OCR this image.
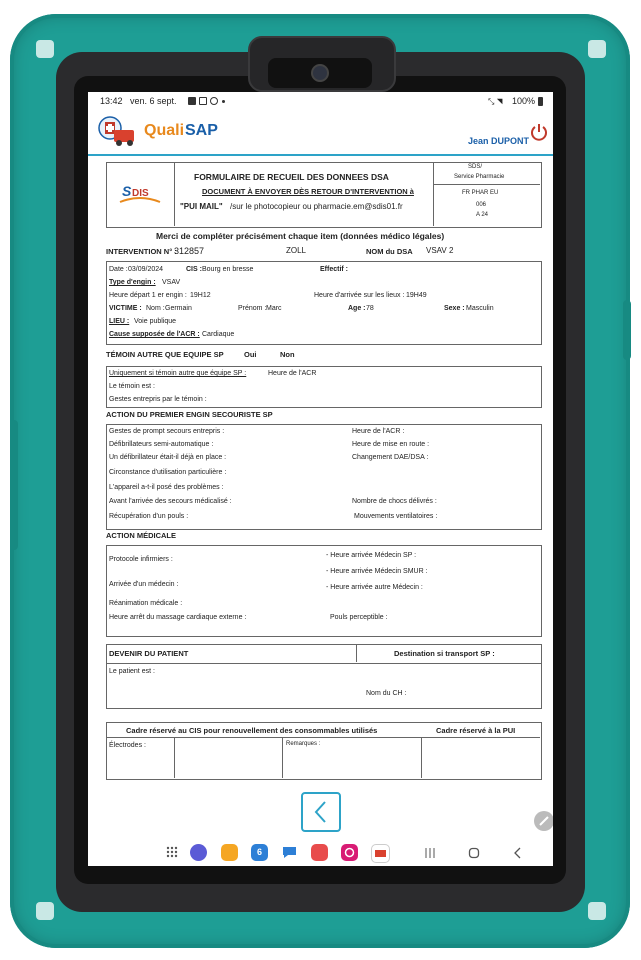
13:42 ven. 6 sept.	⤡ ◥ 100%
Quali SAP
Jean DUPONT
S DIS
FORMULAIRE DE RECUEIL DES DONNEES DSA
DOCUMENT À ENVOYER DÈS RETOUR D'INTERVENTION à
"PUI MAIL" /sur le photocopieur ou pharmacie.em@sdis01.fr
SDS/
Service Pharmacie
FR PHAR EU
006
A 24
Merci de compléter précisément chaque item (données médico légales)
INTERVENTION N° :
312857	ZOLL	NOM du DSA VSAV 2
Date : 03/09/2024	CIS : Bourg en bresse	Effectif :
Type d'engin : VSAV
Heure départ 1 er engin : 19H12	Heure d'arrivée sur les lieux : 19H49
VICTIME : Nom : Germain	Prénom : Marc	Age : 78	Sexe : Masculin
LIEU : Voie publique
Cause supposée de l'ACR : Cardiaque
TÉMOIN AUTRE QUE EQUIPE SP	Oui	Non
Uniquement si témoin autre que équipe SP :	Heure de l'ACR
Le témoin est :
Gestes entrepris par le témoin :
ACTION DU PREMIER ENGIN SECOURISTE SP
Gestes de prompt secours entrepris :	Heure de l'ACR :
Défibrillateurs semi-automatique :	Heure de mise en route :
Un défibrillateur était-il déjà en place :	Changement DAE/DSA :
Circonstance d'utilisation particulière :
L'appareil a-t-il posé des problèmes :
Avant l'arrivée des secours médicalisé :	Nombre de chocs délivrés :
Récupération d'un pouls :	Mouvements ventilatoires :
ACTION MÉDICALE
Protocole infirmiers :
- Heure arrivée Médecin SP :
- Heure arrivée Médecin SMUR :
Arrivée d'un médecin :	- Heure arrivée autre Médecin :
Réanimation médicale :
Heure arrêt du massage cardiaque externe :	Pouls perceptible :
DEVENIR DU PATIENT	Destination si transport SP :
Le patient est :
Nom du CH :
Cadre réservé au CIS pour renouvellement des consommables utilisés	Cadre réservé à la PUI
Électrodes :	Remarques :
6
